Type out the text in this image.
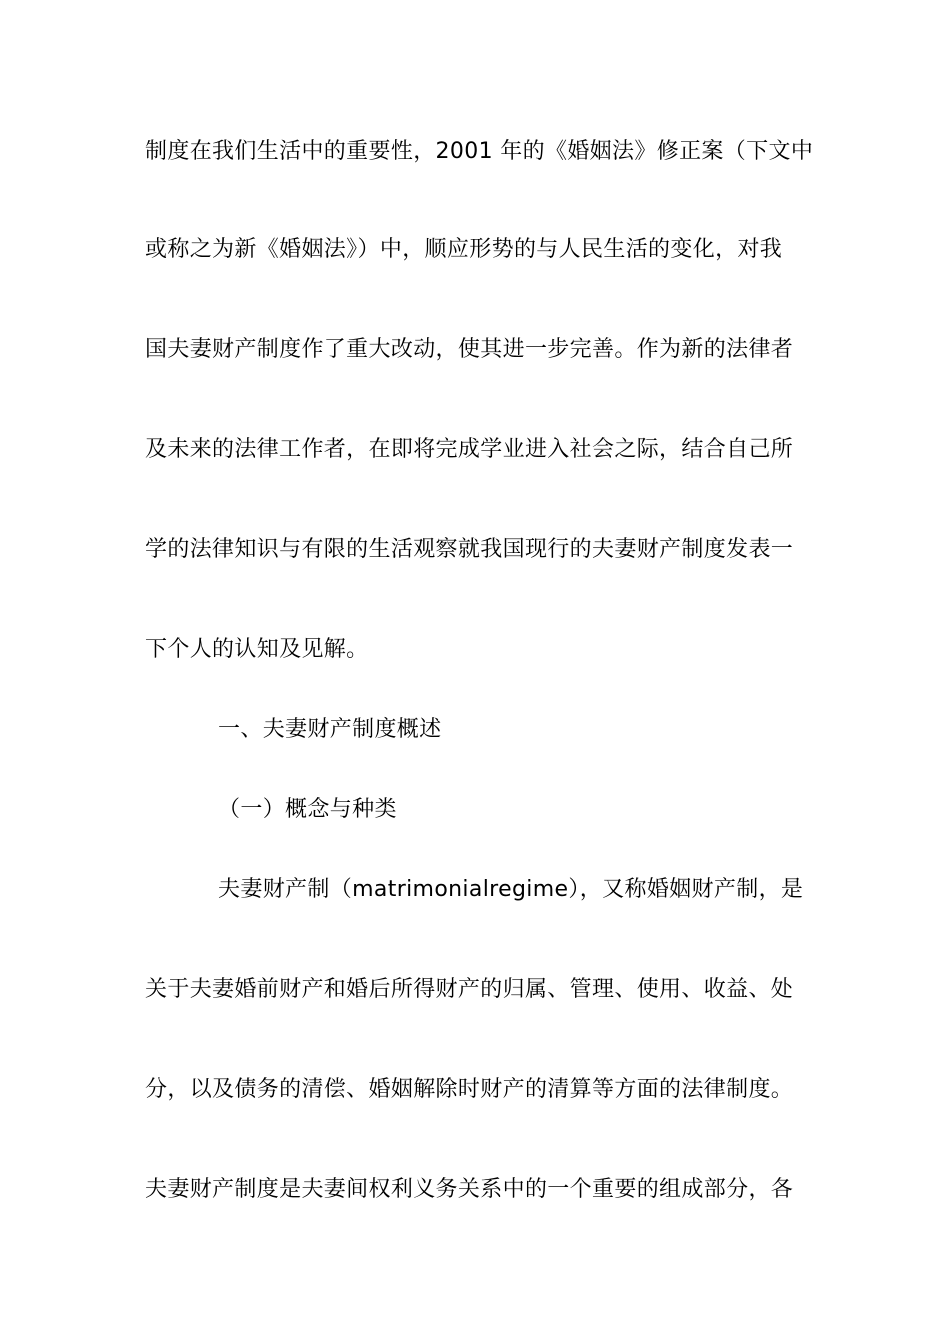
制度在我们生活中的重要性，2001 年的《婚姻法》修正案（下文中
或称之为新《婚姻法》）中，顺应形势的与人民生活的变化，对我
国夫妻财产制度作了重大改动，使其进一步完善。作为新的法律者
及未来的法律工作者，在即将完成学业进入社会之际，结合自己所
学的法律知识与有限的生活观察就我国现行的夫妻财产制度发表一
下个人的认知及见解。
一、夫妻财产制度概述
（一）概念与种类
夫妻财产制（matrimonialregime），又称婚姻财产制，是
关于夫妻婚前财产和婚后所得财产的归属、管理、使用、收益、处
分，以及债务的清偿、婚姻解除时财产的清算等方面的法律制度。
夫妻财产制度是夫妻间权利义务关系中的一个重要的组成部分，各
